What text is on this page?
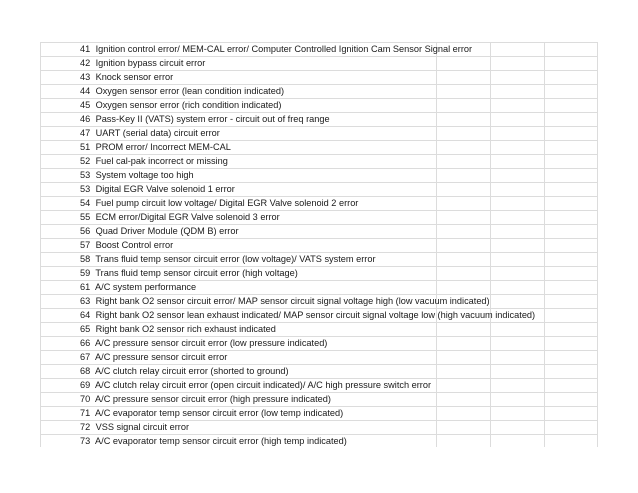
41 Ignition control error/ MEM-CAL error/ Computer Controlled Ignition Cam Sensor Signal error
42 Ignition bypass circuit error
43 Knock sensor error
44 Oxygen sensor error (lean condition indicated)
45 Oxygen sensor error (rich condition indicated)
46 Pass-Key II (VATS) system error - circuit out of freq range
47 UART (serial data) circuit error
51 PROM error/ Incorrect MEM-CAL
52 Fuel cal-pak incorrect or missing
53 System voltage too high
53 Digital EGR Valve solenoid 1 error
54 Fuel pump circuit low voltage/ Digital EGR Valve solenoid 2 error
55 ECM error/Digital EGR Valve solenoid 3 error
56 Quad Driver Module (QDM B) error
57 Boost Control error
58 Trans fluid temp sensor circuit error (low voltage)/ VATS system error
59 Trans fluid temp sensor circuit error (high voltage)
61 A/C system performance
63 Right bank O2 sensor circuit error/ MAP sensor circuit signal voltage high (low vacuum indicated)
64 Right bank O2 sensor lean exhaust indicated/ MAP sensor circuit signal voltage low (high vacuum indicated)
65 Right bank O2 sensor rich exhaust indicated
66 A/C pressure sensor circuit error (low pressure indicated)
67 A/C pressure sensor circuit error
68 A/C clutch relay circuit error (shorted to ground)
69 A/C clutch relay circuit error (open circuit indicated)/ A/C high pressure switch error
70 A/C pressure sensor circuit error (high pressure indicated)
71 A/C evaporator temp sensor circuit error (low temp indicated)
72 VSS signal circuit error
73 A/C evaporator temp sensor circuit error (high temp indicated)
